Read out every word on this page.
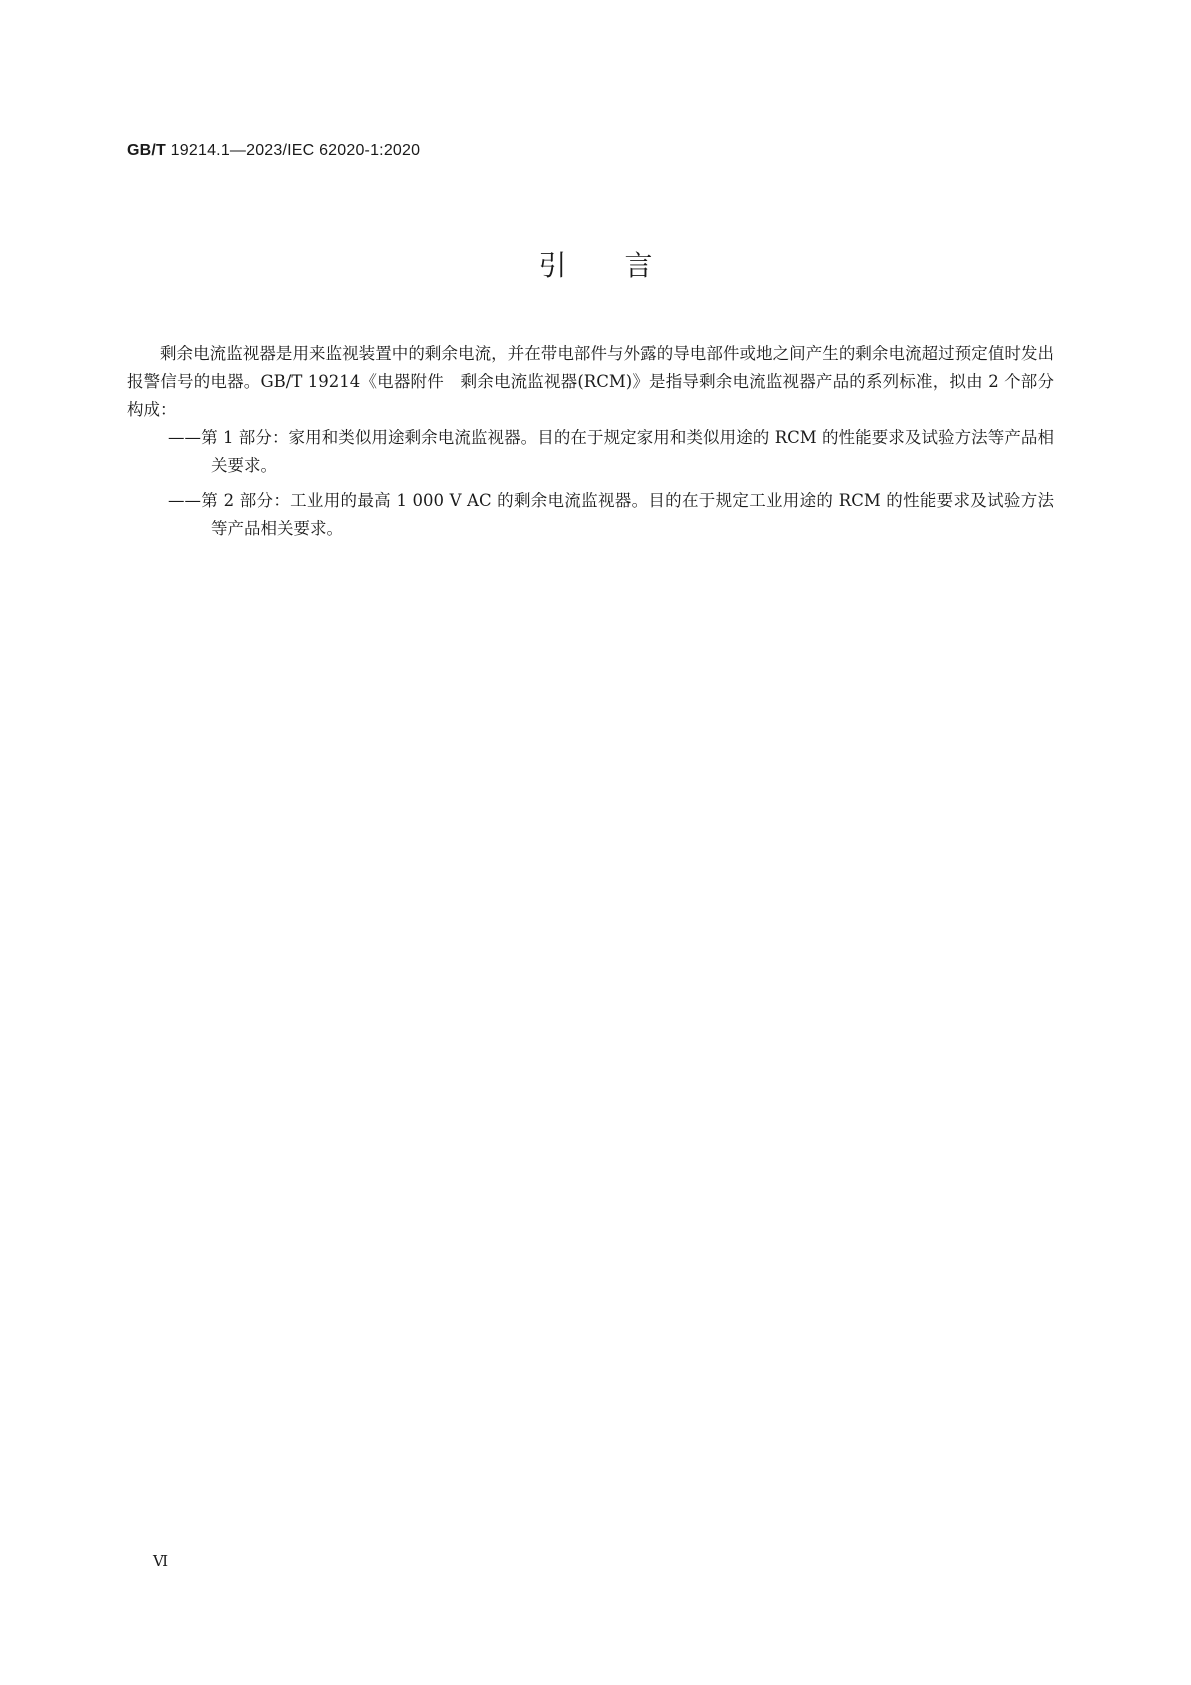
GB/T 19214.1—2023/IEC 62020-1:2020
引言

剩余电流监视器是用来监视装置中的剩余电流，并在带电部件与外露的导电部件或地之间产生的剩余电流超过预定值时发出报警信号的电器。GB/T 19214《电器附件　剩余电流监视器(RCM)》是指导剩余电流监视器产品的系列标准，拟由 2 个部分构成：

——第 1 部分：家用和类似用途剩余电流监视器。目的在于规定家用和类似用途的 RCM 的性能要求及试验方法等产品相关要求。

——第 2 部分：工业用的最高 1 000 V AC 的剩余电流监视器。目的在于规定工业用途的 RCM 的性能要求及试验方法等产品相关要求。

Ⅵ
